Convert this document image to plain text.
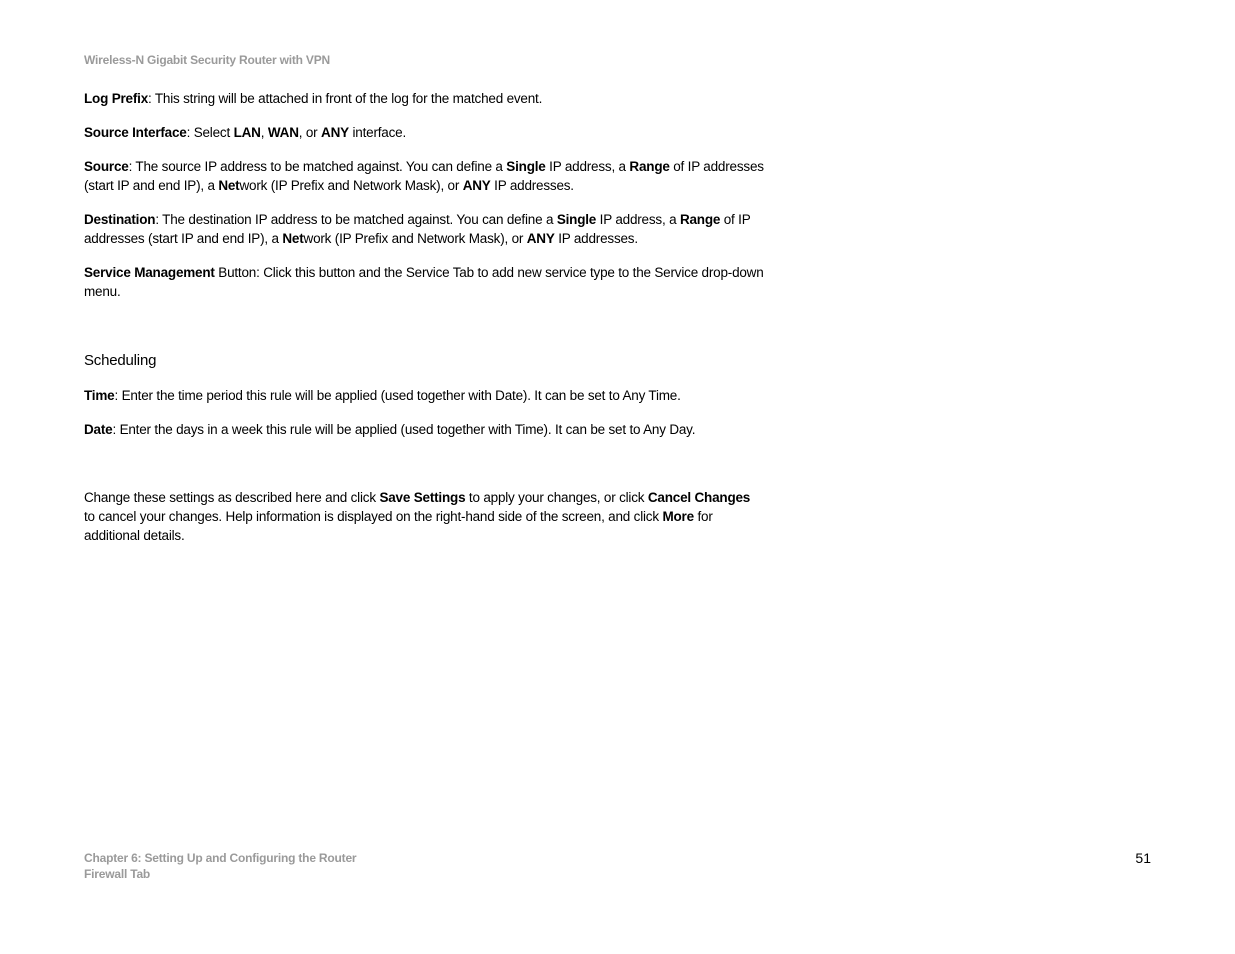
Wireless-N Gigabit Security Router with VPN

Log Prefix: This string will be attached in front of the log for the matched event.

Source Interface: Select LAN, WAN, or ANY interface.

Source: The source IP address to be matched against. You can define a Single IP address, a Range of IP addresses (start IP and end IP), a Network (IP Prefix and Network Mask), or ANY IP addresses.

Destination: The destination IP address to be matched against. You can define a Single IP address, a Range of IP addresses (start IP and end IP), a Network (IP Prefix and Network Mask), or ANY IP addresses.

Service Management Button: Click this button and the Service Tab to add new service type to the Service drop-down menu.

Scheduling

Time: Enter the time period this rule will be applied (used together with Date). It can be set to Any Time.

Date: Enter the days in a week this rule will be applied (used together with Time). It can be set to Any Day.

Change these settings as described here and click Save Settings to apply your changes, or click Cancel Changes to cancel your changes. Help information is displayed on the right-hand side of the screen, and click More for additional details.

Chapter 6: Setting Up and Configuring the Router
Firewall Tab
51
